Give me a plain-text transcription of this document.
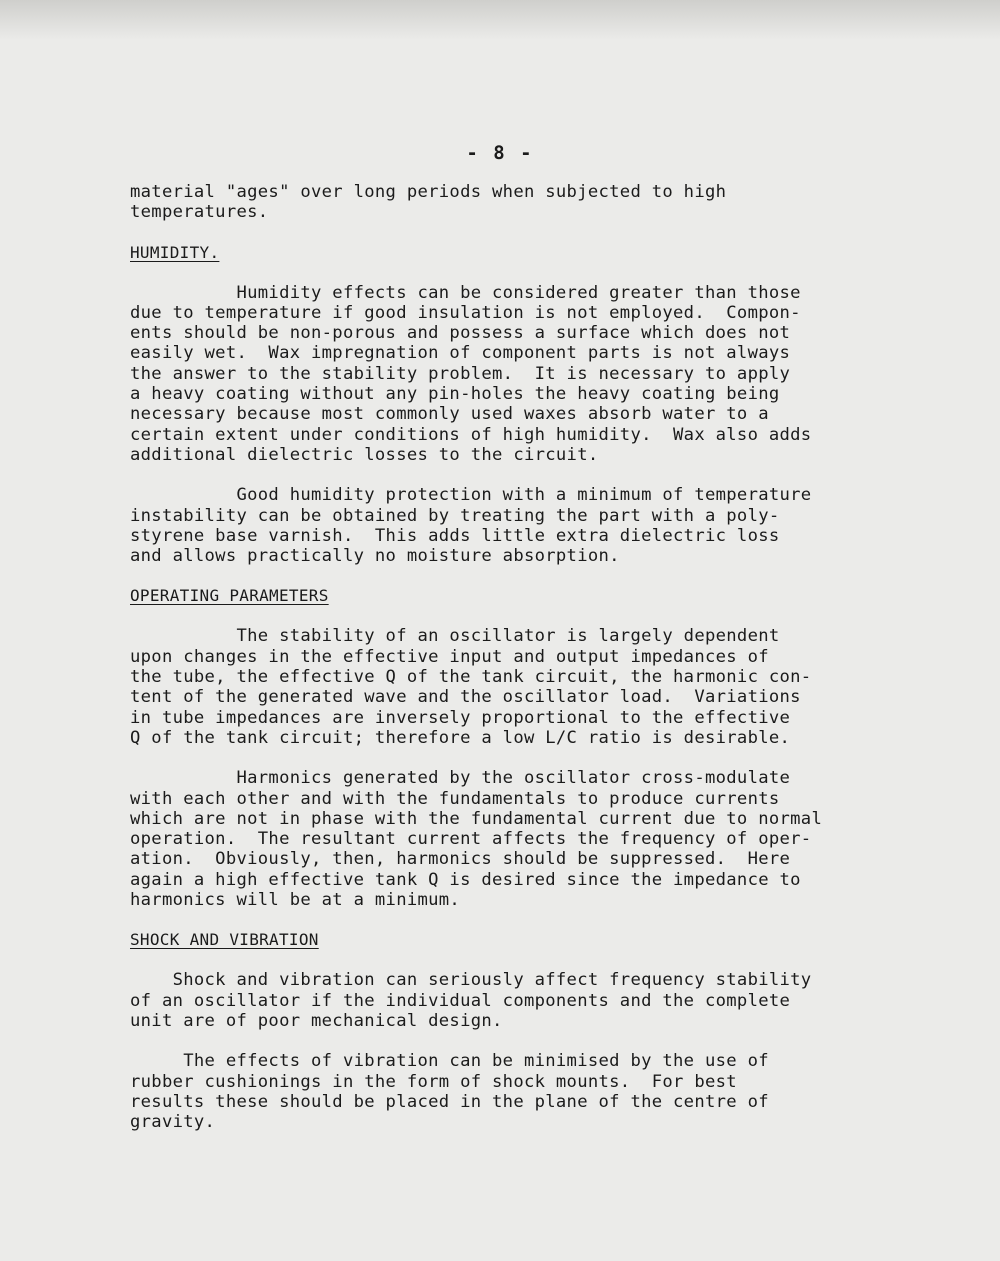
- 8 -
material "ages" over long periods when subjected to high
temperatures.
HUMIDITY.
Humidity effects can be considered greater than those
due to temperature if good insulation is not employed.  Compon-
ents should be non-porous and possess a surface which does not
easily wet.  Wax impregnation of component parts is not always
the answer to the stability problem.  It is necessary to apply
a heavy coating without any pin-holes the heavy coating being
necessary because most commonly used waxes absorb water to a
certain extent under conditions of high humidity.  Wax also adds
additional dielectric losses to the circuit.
Good humidity protection with a minimum of temperature
instability can be obtained by treating the part with a poly-
styrene base varnish.  This adds little extra dielectric loss
and allows practically no moisture absorption.
OPERATING PARAMETERS
The stability of an oscillator is largely dependent
upon changes in the effective input and output impedances of
the tube, the effective Q of the tank circuit, the harmonic con-
tent of the generated wave and the oscillator load.  Variations
in tube impedances are inversely proportional to the effective
Q of the tank circuit; therefore a low L/C ratio is desirable.
Harmonics generated by the oscillator cross-modulate
with each other and with the fundamentals to produce currents
which are not in phase with the fundamental current due to normal
operation.  The resultant current affects the frequency of oper-
ation.  Obviously, then, harmonics should be suppressed.  Here
again a high effective tank Q is desired since the impedance to
harmonics will be at a minimum.
SHOCK AND VIBRATION
Shock and vibration can seriously affect frequency stability
of an oscillator if the individual components and the complete
unit are of poor mechanical design.
The effects of vibration can be minimised by the use of
rubber cushionings in the form of shock mounts.  For best
results these should be placed in the plane of the centre of
gravity.
